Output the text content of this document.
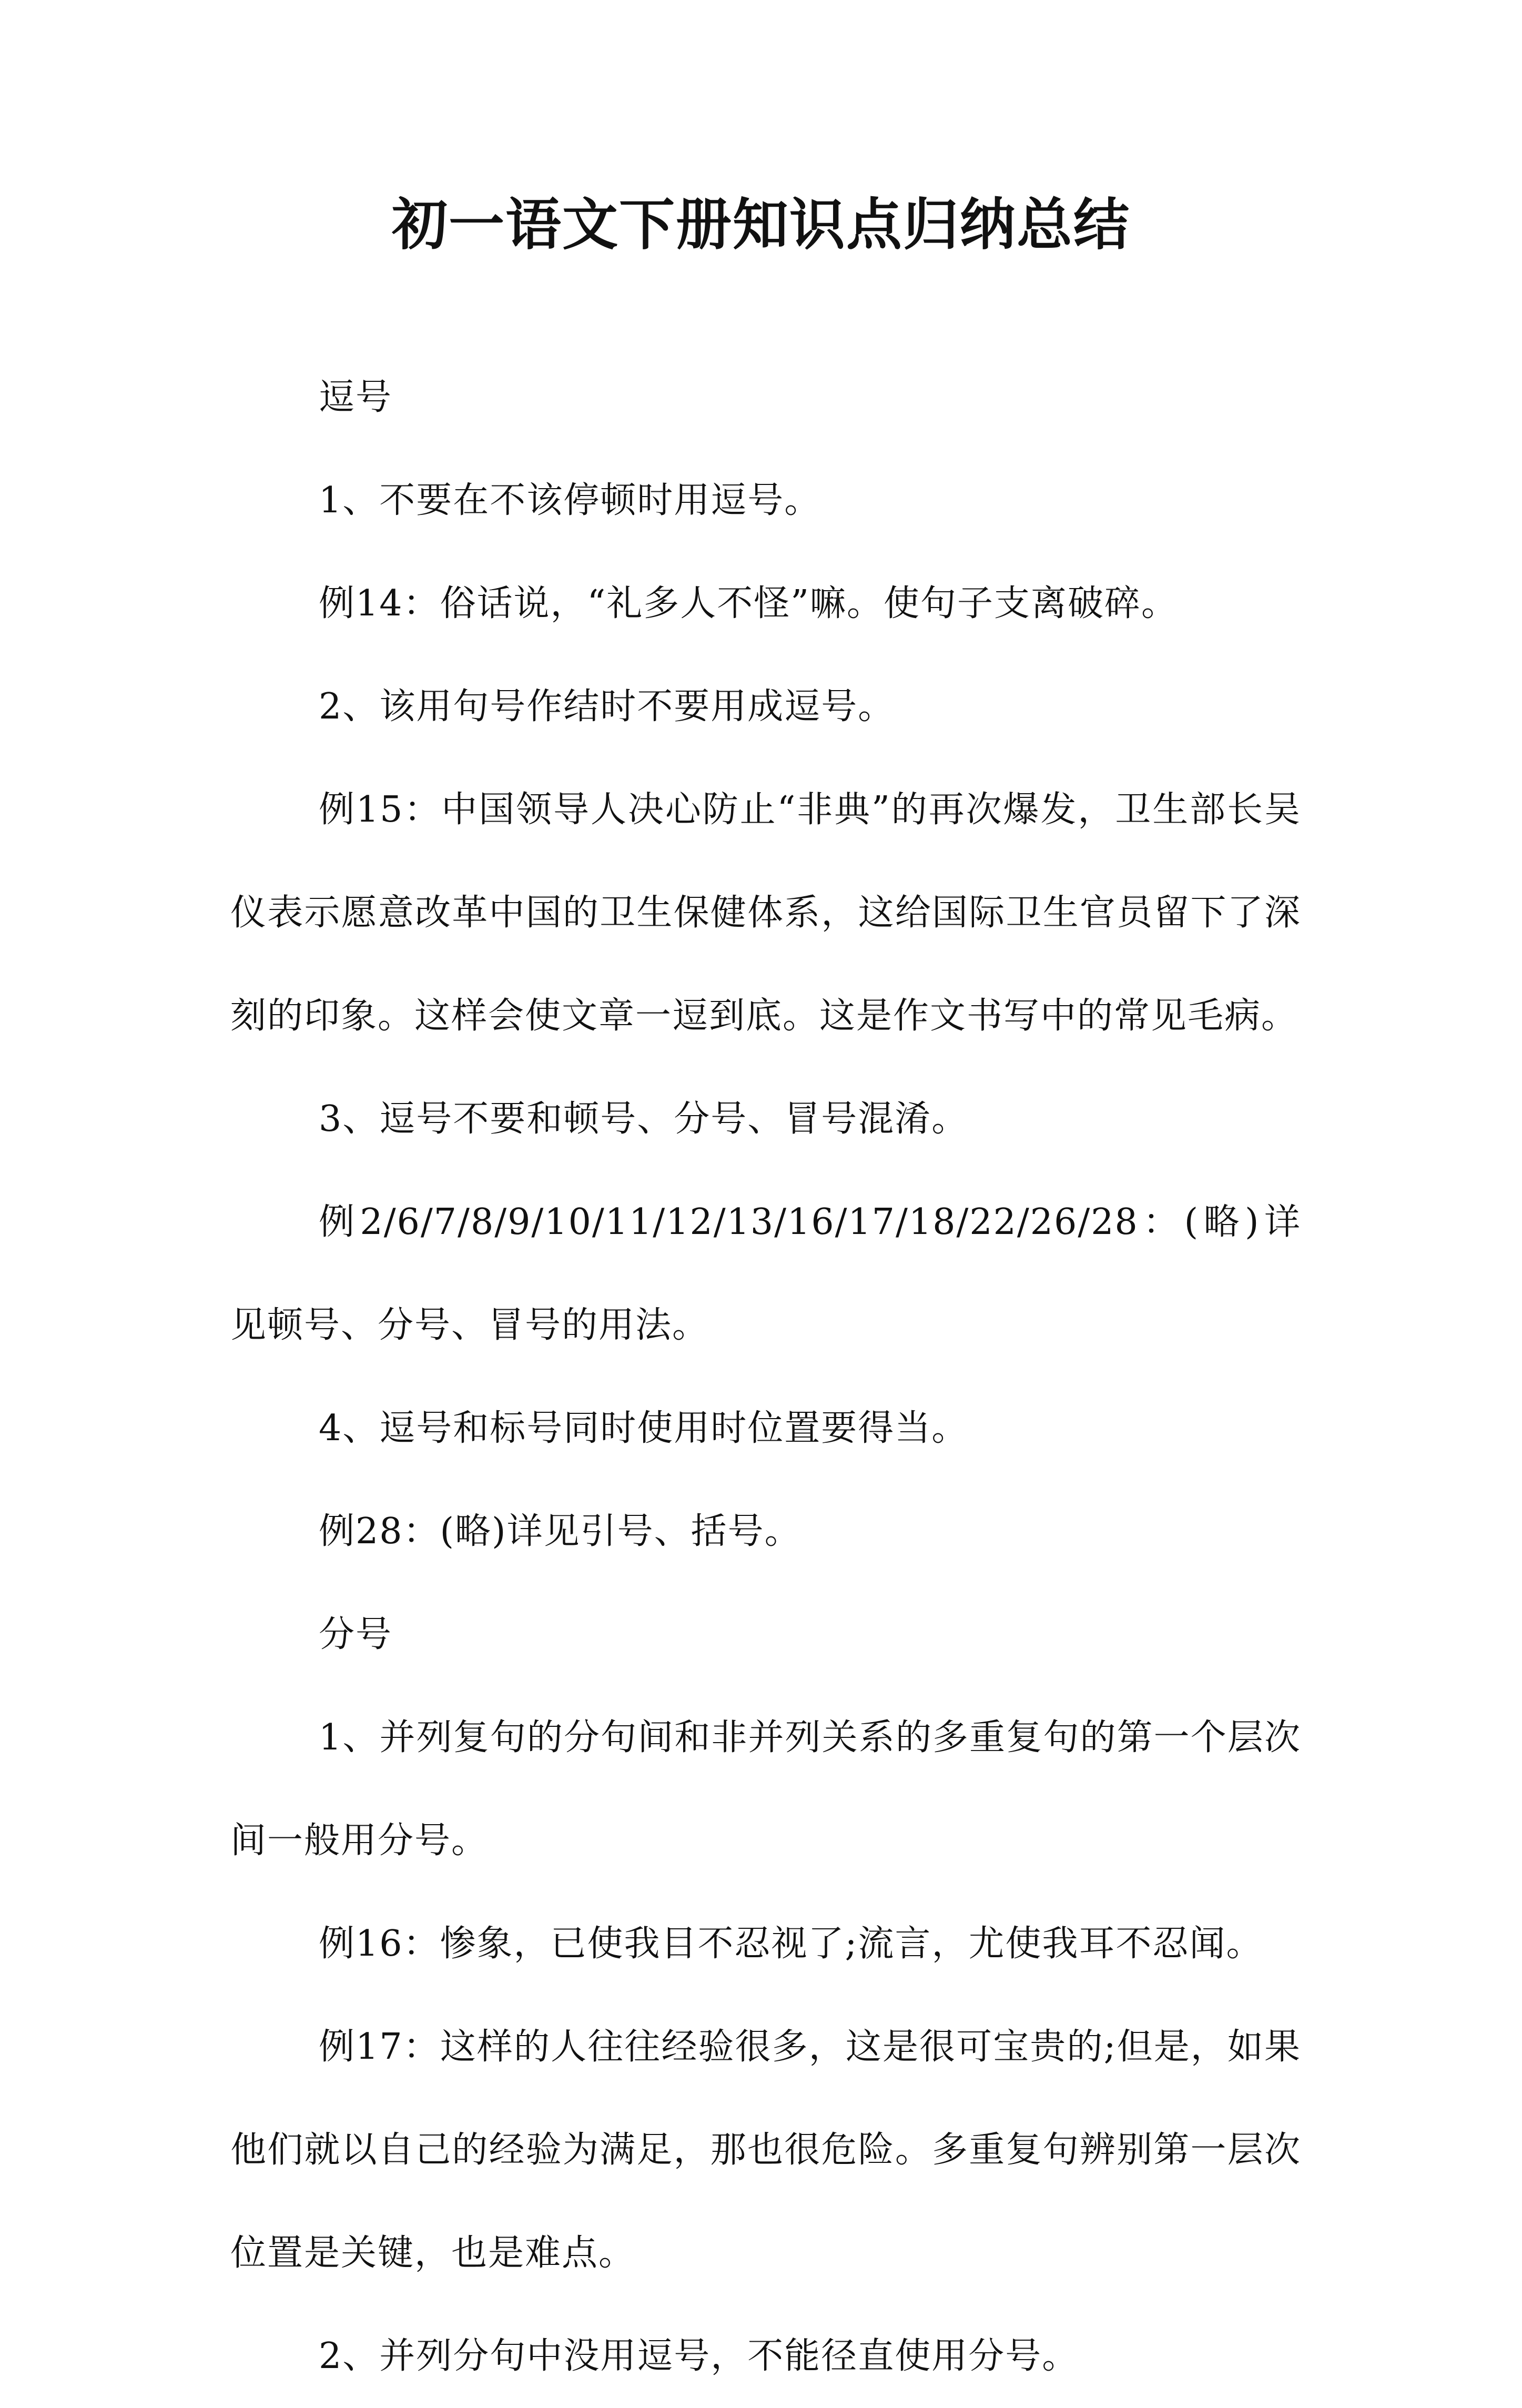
初一语文下册知识点归纳总结

逗号

1、不要在不该停顿时用逗号。

例14：俗话说，“礼多人不怪”嘛。使句子支离破碎。

2、该用句号作结时不要用成逗号。

例15：中国领导人决心防止“非典”的再次爆发，卫生部长吴仪表示愿意改革中国的卫生保健体系，这给国际卫生官员留下了深刻的印象。这样会使文章一逗到底。这是作文书写中的常见毛病。

3、逗号不要和顿号、分号、冒号混淆。

例2/6/7/8/9/10/11/12/13/16/17/18/22/26/28：(略)详见顿号、分号、冒号的用法。

4、逗号和标号同时使用时位置要得当。

例28：(略)详见引号、括号。

分号

1、并列复句的分句间和非并列关系的多重复句的第一个层次间一般用分号。

例16：惨象，已使我目不忍视了;流言，尤使我耳不忍闻。

例17：这样的人往往经验很多，这是很可宝贵的;但是，如果他们就以自己的经验为满足，那也很危险。多重复句辨别第一层次位置是关键，也是难点。

2、并列分句中没用逗号，不能径直使用分号。
